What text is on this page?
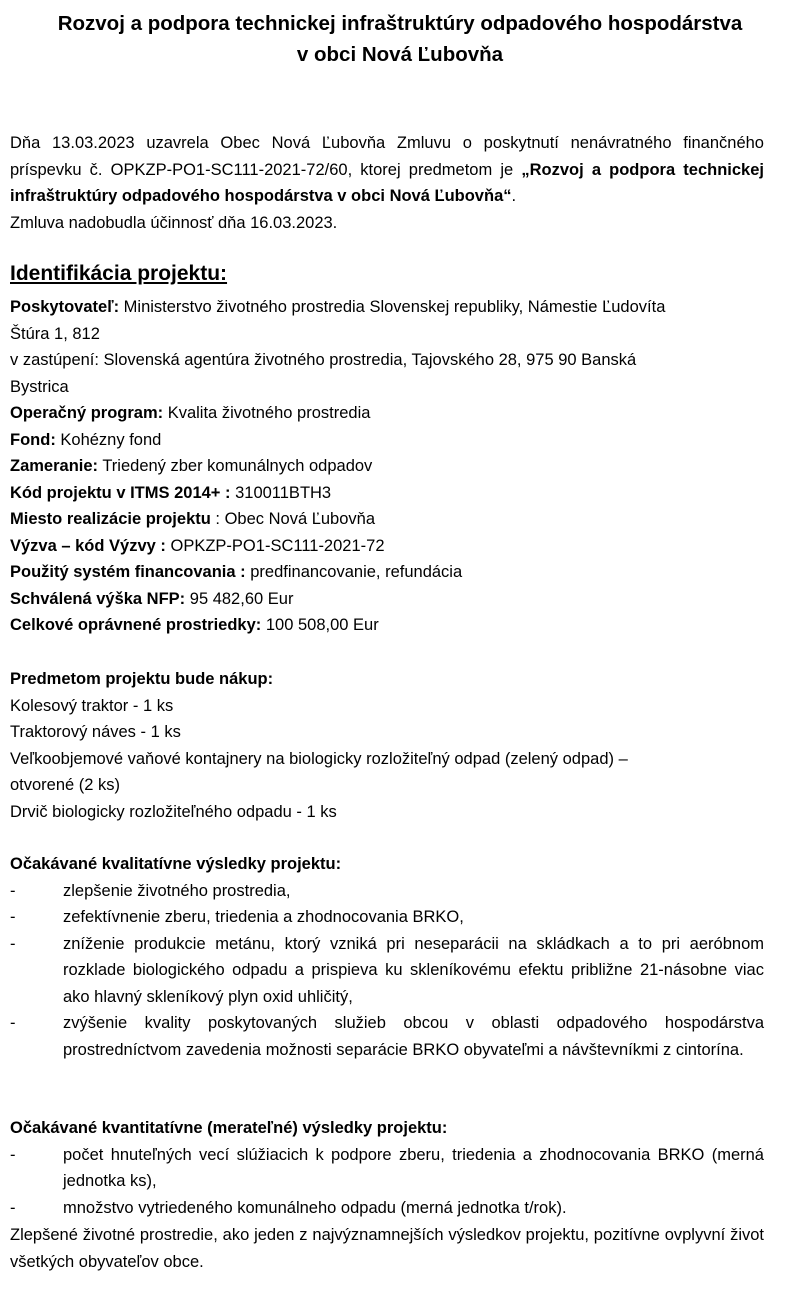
Rozvoj a podpora technickej infraštruktúry odpadového hospodárstva
v obci Nová Ľubovňa
Dňa 13.03.2023 uzavrela Obec Nová Ľubovňa Zmluvu o poskytnutí nenávratného finančného príspevku č. OPKZP-PO1-SC111-2021-72/60, ktorej predmetom je „Rozvoj a podpora technickej infraštruktúry odpadového hospodárstva v obci Nová Ľubovňa“.
Zmluva nadobudla účinnosť dňa 16.03.2023.
Identifikácia projektu:
Poskytovateľ: Ministerstvo životného prostredia Slovenskej republiky, Námestie Ľudovíta
Štúra 1, 812
v zastúpení: Slovenská agentúra životného prostredia, Tajovského 28, 975 90 Banská
Bystrica
Operačný program: Kvalita životného prostredia
Fond: Kohézny fond
Zameranie: Triedený zber komunálnych odpadov
Kód projektu v ITMS 2014+ : 310011BTH3
Miesto realizácie projektu : Obec Nová Ľubovňa
Výzva – kód Výzvy : OPKZP-PO1-SC111-2021-72
Použitý systém financovania : predfinancovanie, refundácia
Schválená výška NFP: 95 482,60 Eur
Celkové oprávnené prostriedky: 100 508,00 Eur
Predmetom projektu bude nákup:
Kolesový traktor - 1 ks
Traktorový náves - 1 ks
Veľkoobjemové vaňové kontajnery na biologicky rozložiteľný odpad (zelený odpad) –
otvorené (2 ks)
Drvič biologicky rozložiteľného odpadu - 1 ks
Očakávané kvalitatívne výsledky projektu:
-	zlepšenie životného prostredia,
-	zefektívnenie zberu, triedenia a zhodnocovania BRKO,
-	zníženie produkcie metánu, ktorý vzniká pri neseparácii na skládkach a to pri aeróbnom rozklade biologického odpadu a prispieva ku skleníkovému efektu približne 21-násobne viac ako hlavný skleníkový plyn oxid uhličitý,
-	zvýšenie kvality poskytovaných služieb obcou v oblasti odpadového hospodárstva prostredníctvom zavedenia možnosti separácie BRKO obyvateľmi a návštevníkmi z cintorína.
Očakávané kvantitatívne (merateľné) výsledky projektu:
-	počet hnuteľných vecí slúžiacich k podpore zberu, triedenia a zhodnocovania BRKO (merná jednotka ks),
-	množstvo vytriedeného komunálneho odpadu (merná jednotka t/rok).
Zlepšené životné prostredie, ako jeden z najvýznamnejších výsledkov projektu, pozitívne ovplyvní život všetkých obyvateľov obce.
